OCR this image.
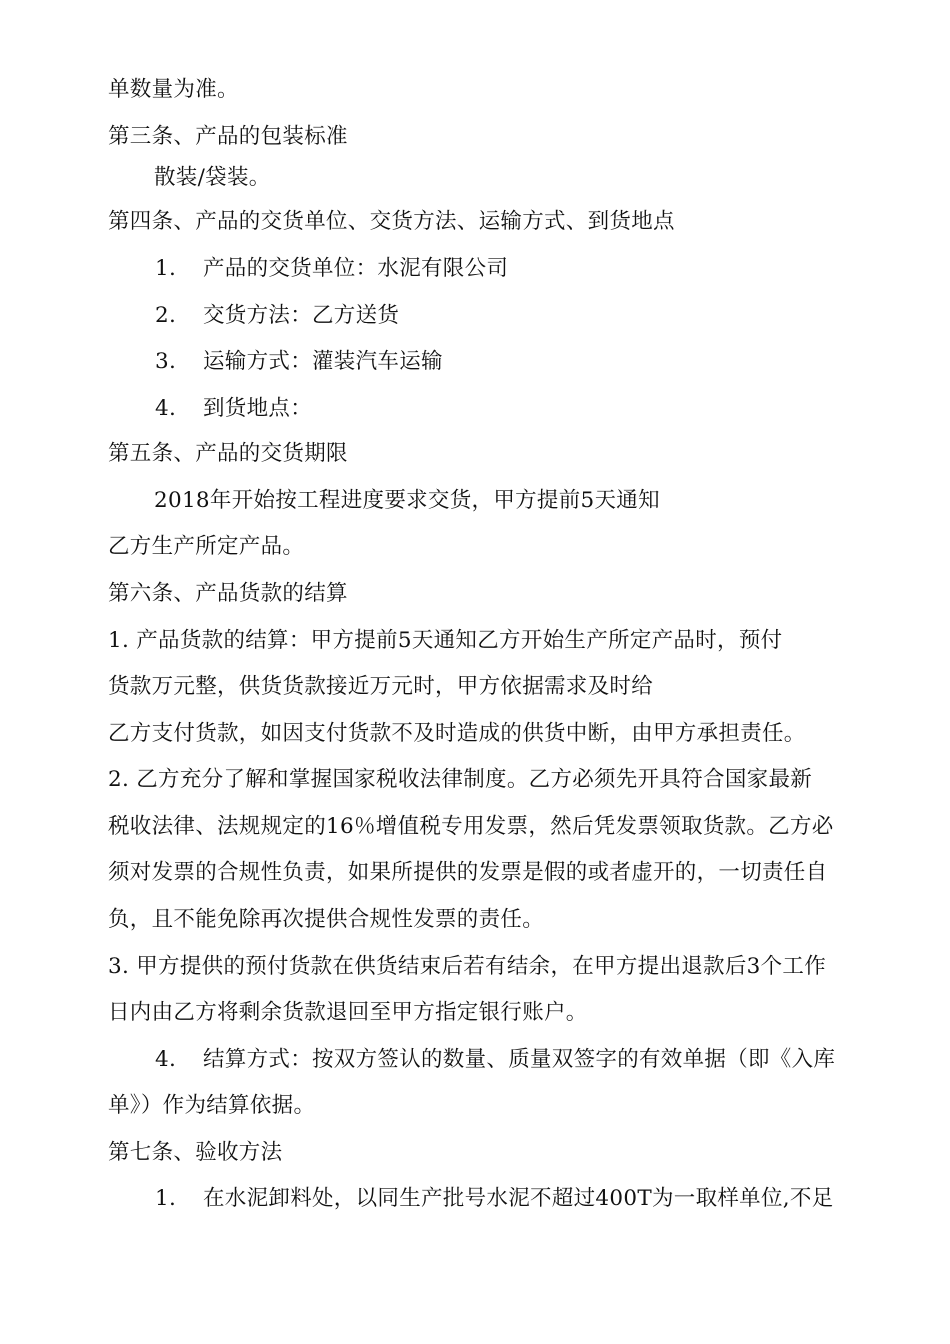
单数量为准。
第三条、产品的包装标准
散装/袋装。
第四条、产品的交货单位、交货方法、运输方式、到货地点
1. 产品的交货单位：水泥有限公司
2. 交货方法：乙方送货
3. 运输方式：灌装汽车运输
4. 到货地点：
第五条、产品的交货期限
2018年开始按工程进度要求交货，甲方提前5天通知
乙方生产所定产品。
第六条、产品货款的结算
1. 产品货款的结算：甲方提前5天通知乙方开始生产所定产品时，预付
货款万元整，供货货款接近万元时，甲方依据需求及时给
乙方支付货款，如因支付货款不及时造成的供货中断，由甲方承担责任。
2. 乙方充分了解和掌握国家税收法律制度。乙方必须先开具符合国家最新
税收法律、法规规定的16％增值税专用发票，然后凭发票领取货款。乙方必
须对发票的合规性负责，如果所提供的发票是假的或者虚开的，一切责任自
负，且不能免除再次提供合规性发票的责任。
3. 甲方提供的预付货款在供货结束后若有结余，在甲方提出退款后3个工作
日内由乙方将剩余货款退回至甲方指定银行账户。
4. 结算方式：按双方签认的数量、质量双签字的有效单据（即《入库
单》）作为结算依据。
第七条、验收方法
1. 在水泥卸料处，以同生产批号水泥不超过400T为一取样单位,不足
